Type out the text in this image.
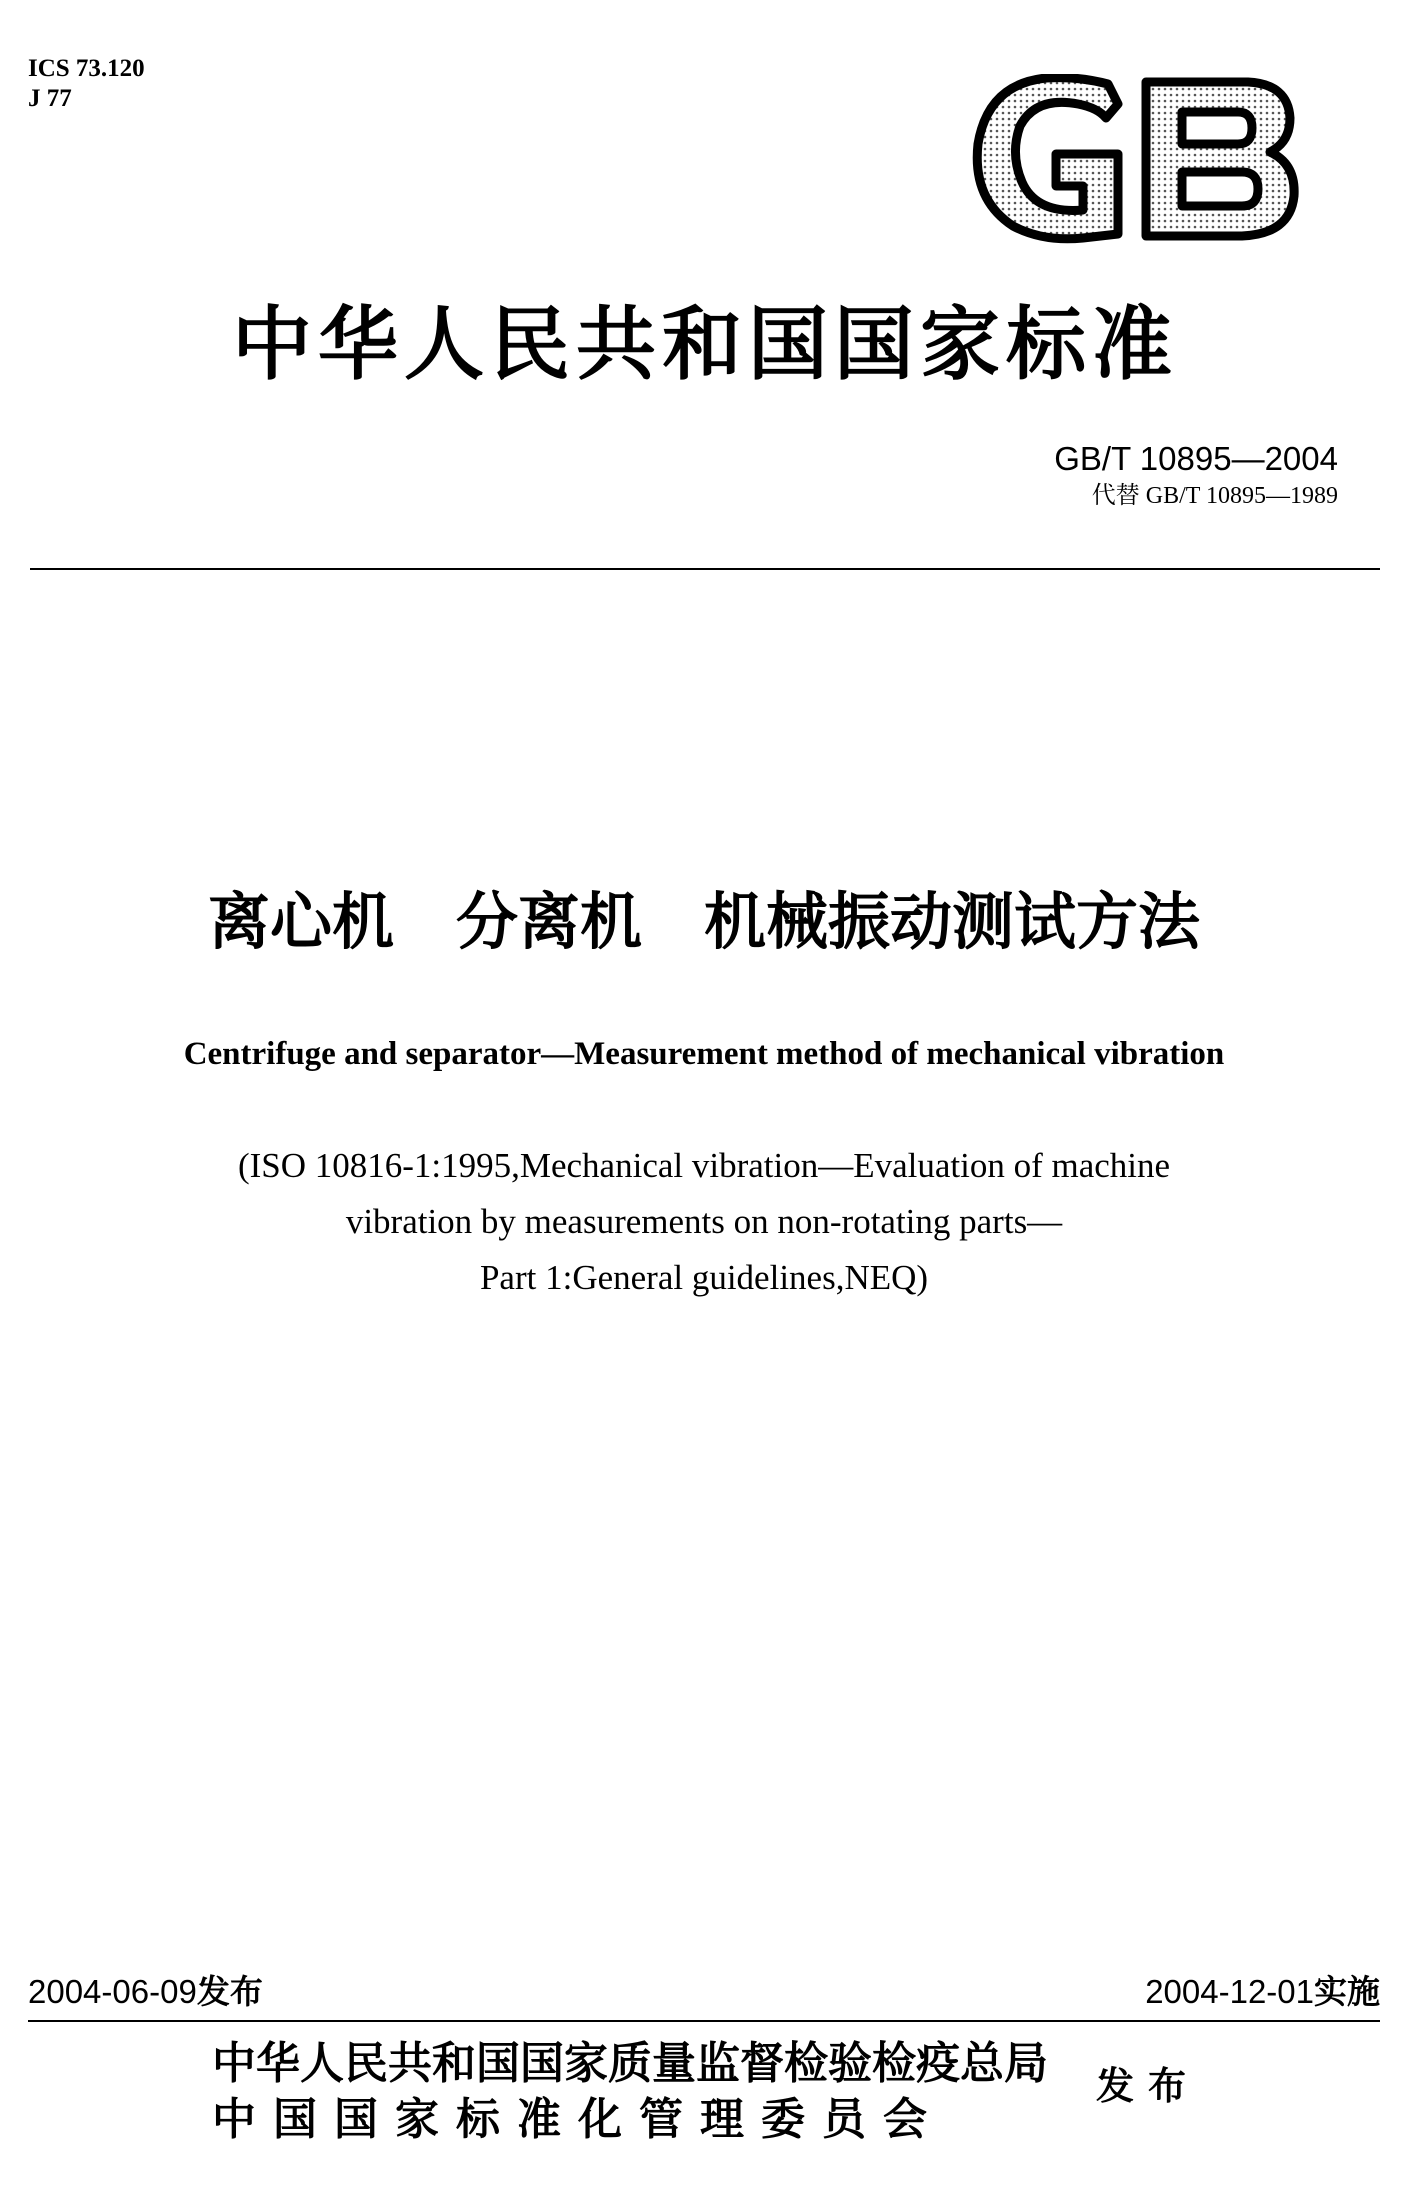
ICS 73.120
J 77
中华人民共和国国家标准
GB/T 10895—2004
代替 GB/T 10895—1989
离心机　分离机　机械振动测试方法
Centrifuge and separator—Measurement method of mechanical vibration
(ISO 10816-1:1995,Mechanical vibration—Evaluation of machine
vibration by measurements on non-rotating parts—
Part 1:General guidelines,NEQ)
2004-06-09发布	2004-12-01实施
中华人民共和国国家质量监督检验检疫总局
中国国家标准化管理委员会
发布
